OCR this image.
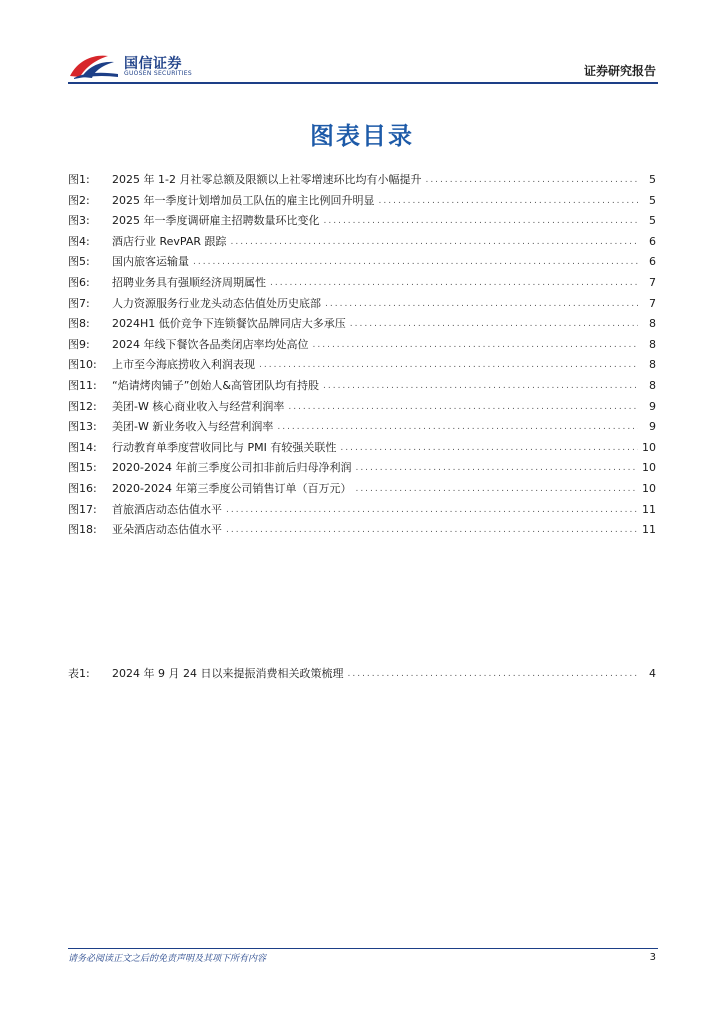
国信证券
GUOSEN SECURITIES	证券研究报告
图表目录
图1:	2025 年 1-2 月社零总额及限额以上社零增速环比均有小幅提升 .....	5
图2:	2025 年一季度计划增加员工队伍的雇主比例回升明显 .....	5
图3:	2025 年一季度调研雇主招聘数量环比变化 .....	5
图4:	酒店行业 RevPAR 跟踪 .....	6
图5:	国内旅客运输量 .....	6
图6:	招聘业务具有强顺经济周期属性 .....	7
图7:	人力资源服务行业龙头动态估值处历史底部 .....	7
图8:	2024H1 低价竞争下连锁餐饮品牌同店大多承压 .....	8
图9:	2024 年线下餐饮各品类闭店率均处高位 .....	8
图10:	上市至今海底捞收入利润表现 .....	8
图11:	“焰请烤肉铺子”创始人&高管团队均有持股 .....	8
图12:	美团-W 核心商业收入与经营利润率 .....	9
图13:	美团-W 新业务收入与经营利润率 .....	9
图14:	行动教育单季度营收同比与 PMI 有较强关联性 .....	10
图15:	2020-2024 年前三季度公司扣非前后归母净利润 .....	10
图16:	2020-2024 年第三季度公司销售订单（百万元） .....	10
图17:	首旅酒店动态估值水平 .....	11
图18:	亚朵酒店动态估值水平 .....	11
表1:	2024 年 9 月 24 日以来提振消费相关政策梳理 .....	4
请务必阅读正文之后的免责声明及其项下所有内容	3
